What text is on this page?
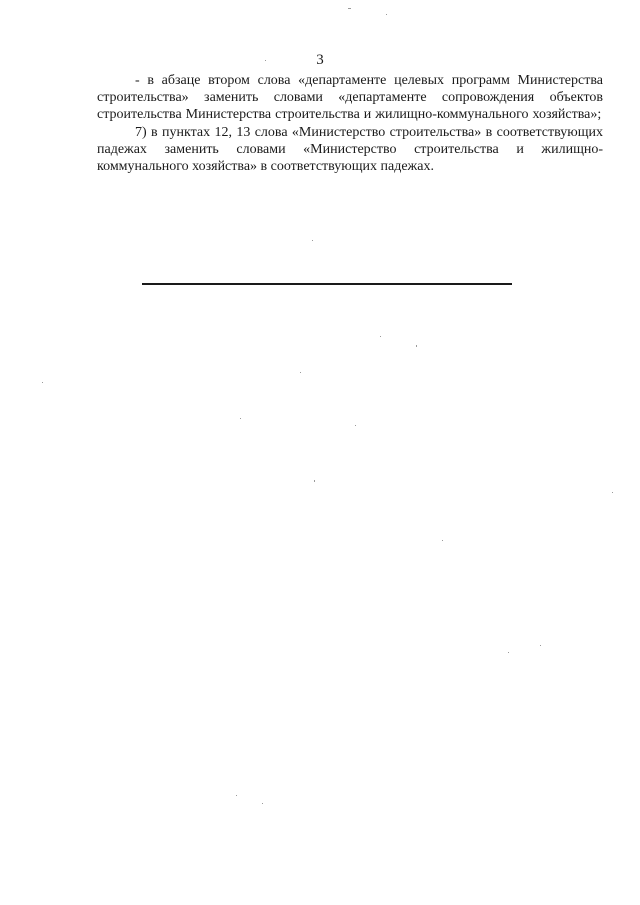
3

- в абзаце втором слова «департаменте целевых программ Министерства строительства» заменить словами «департаменте сопровождения объектов строительства Министерства строительства и жилищно-коммунального хозяйства»;

7) в пунктах 12, 13 слова «Министерство строительства» в соответствующих падежах заменить словами «Министерство строительства и жилищно-коммунального хозяйства» в соответствующих падежах.
